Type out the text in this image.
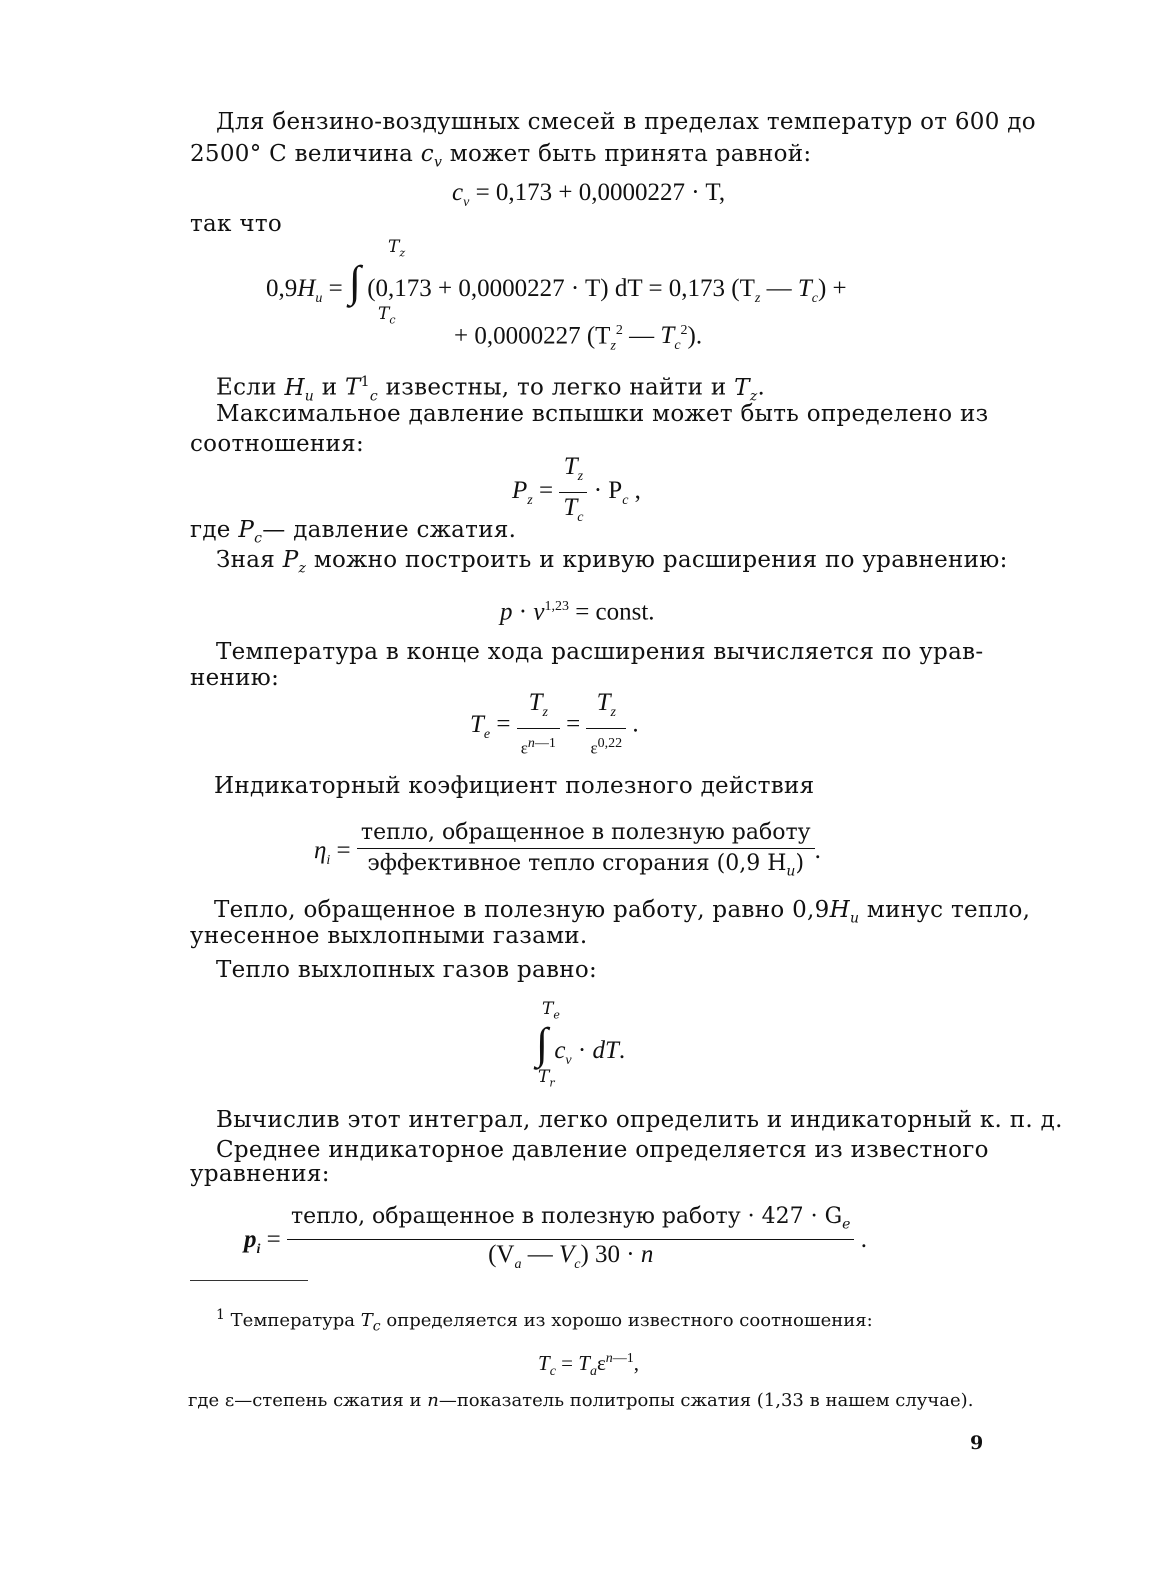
Для бензино-воздушных смесей в пределах температур от 600 до
2500° С величина $c_v$ может быть принята равной:
$c_v = 0,173 + 0,0000227 \cdot T$,
так что
$T_z$
$0,9H_u$ = ∫ (0,173 + 0,0000227 · T) dT = 0,173 ($T_z$ — $T_c$) +
$T_c$
+ 0,0000227 ($T_z^2$ — $T_c^2$).
Если $H_u$ и $T^1_c$ известны, то легко найти и $T_z$.
Максимальное давление вспышки может быть определено из
соотношения:
$P_z = \frac{T_z}{T_c} \cdot P_c$ ,
где $P_c—$ давление сжатия.
Зная $P_z$ можно построить и кривую расширения по уравнению:
$p \cdot v^{1,23}$ = const.
Температура в конце хода расширения вычисляется по урав-
нению:
$T_e = \frac{T_z}{\varepsilon^{n—1}} = \frac{T_z}{\varepsilon^{0,22}}$ .
Индикаторный коэфициент полезного действия
$\eta_i = \frac{\text{тепло, обращенное в полезную работу}}{эффективное тепло сгорания (0,9 H_u)}$ .
Тепло, обращенное в полезную работу, равно $0,9H_u$ минус тепло,
унесенное выхлопными газами.
Тепло выхлопных газов равно:
$T_e$
∫ $c_v$ · dT.
$T_r$
Вычислив этот интеграл, легко определить и индикаторный к. п. д.
Среднее индикаторное давление определяется из известного
уравнения:
$p_i = \frac{тепло, обращенное в полезную работу \cdot 427 \cdot G_e}{(V_a — V_c) 30 \cdot n}$ .
$^1$ Температура $T_c$ определяется из хорошо известного соотношения:
$T_c = T_a\varepsilon^{n—1}$,
где ε—степень сжатия и n—показатель политропы сжатия (1,33 в нашем случае).
9
